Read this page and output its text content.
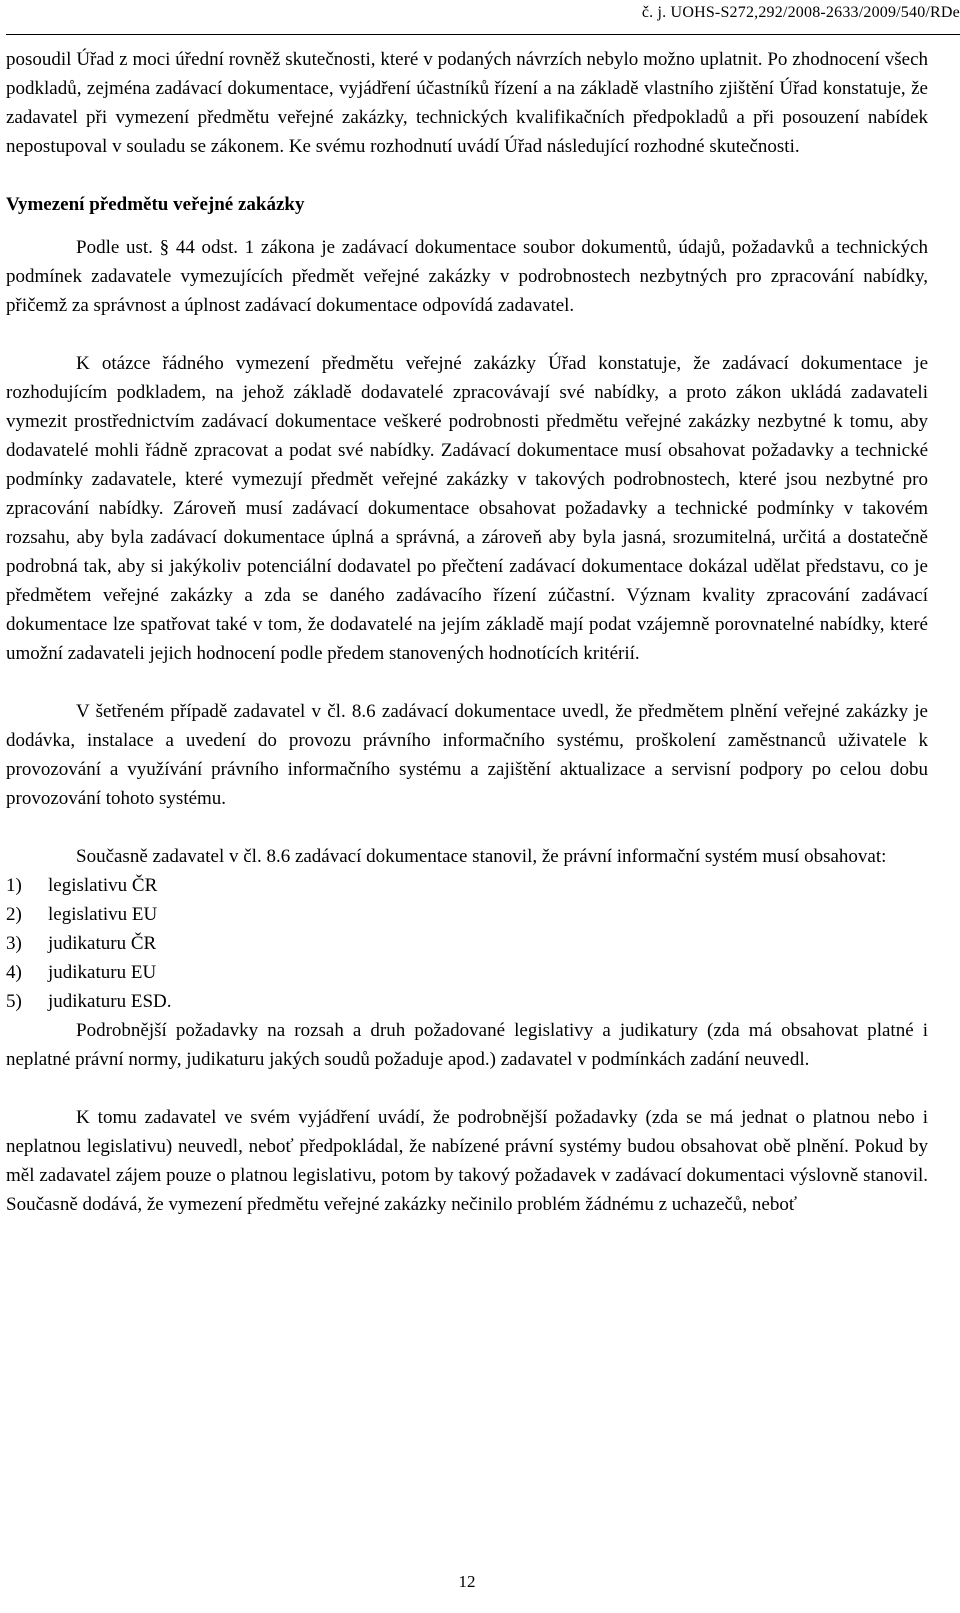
č. j. UOHS-S272,292/2008-2633/2009/540/RDe

posoudil Úřad z moci úřední rovněž skutečnosti, které v podaných návrzích nebylo možno uplatnit. Po zhodnocení všech podkladů, zejména zadávací dokumentace, vyjádření účastníků řízení a na základě vlastního zjištění Úřad konstatuje, že zadavatel při vymezení předmětu veřejné zakázky, technických kvalifikačních předpokladů a při posouzení nabídek nepostupoval v souladu se zákonem. Ke svému rozhodnutí uvádí Úřad následující rozhodné skutečnosti.

Vymezení předmětu veřejné zakázky

Podle ust. § 44 odst. 1 zákona je zadávací dokumentace soubor dokumentů, údajů, požadavků a technických podmínek zadavatele vymezujících předmět veřejné zakázky v podrobnostech nezbytných pro zpracování nabídky, přičemž za správnost a úplnost zadávací dokumentace odpovídá zadavatel.

K otázce řádného vymezení předmětu veřejné zakázky Úřad konstatuje, že zadávací dokumentace je rozhodujícím podkladem, na jehož základě dodavatelé zpracovávají své nabídky, a proto zákon ukládá zadavateli vymezit prostřednictvím zadávací dokumentace veškeré podrobnosti předmětu veřejné zakázky nezbytné k tomu, aby dodavatelé mohli řádně zpracovat a podat své nabídky. Zadávací dokumentace musí obsahovat požadavky a technické podmínky zadavatele, které vymezují předmět veřejné zakázky v takových podrobnostech, které jsou nezbytné pro zpracování nabídky. Zároveň musí zadávací dokumentace obsahovat požadavky a technické podmínky v takovém rozsahu, aby byla zadávací dokumentace úplná a správná, a zároveň aby byla jasná, srozumitelná, určitá a dostatečně podrobná tak, aby si jakýkoliv potenciální dodavatel po přečtení zadávací dokumentace dokázal udělat představu, co je předmětem veřejné zakázky a zda se daného zadávacího řízení zúčastní. Význam kvality zpracování zadávací dokumentace lze spatřovat také v tom, že dodavatelé na jejím základě mají podat vzájemně porovnatelné nabídky, které umožní zadavateli jejich hodnocení podle předem stanovených hodnotících kritérií.

V šetřeném případě zadavatel v čl. 8.6 zadávací dokumentace uvedl, že předmětem plnění veřejné zakázky je dodávka, instalace a uvedení do provozu právního informačního systému, proškolení zaměstnanců uživatele k provozování a využívání právního informačního systému a zajištění aktualizace a servisní podpory po celou dobu provozování tohoto systému.

Současně zadavatel v čl. 8.6 zadávací dokumentace stanovil, že právní informační systém musí obsahovat:

1) legislativu ČR
2) legislativu EU
3) judikaturu ČR
4) judikaturu EU
5) judikaturu ESD.

Podrobnější požadavky na rozsah a druh požadované legislativy a judikatury (zda má obsahovat platné i neplatné právní normy, judikaturu jakých soudů požaduje apod.) zadavatel v podmínkách zadání neuvedl.

K tomu zadavatel ve svém vyjádření uvádí, že podrobnější požadavky (zda se má jednat o platnou nebo i neplatnou legislativu) neuvedl, neboť předpokládal, že nabízené právní systémy budou obsahovat obě plnění. Pokud by měl zadavatel zájem pouze o platnou legislativu, potom by takový požadavek v zadávací dokumentaci výslovně stanovil. Současně dodává, že vymezení předmětu veřejné zakázky nečinilo problém žádnému z uchazečů, neboť

12
